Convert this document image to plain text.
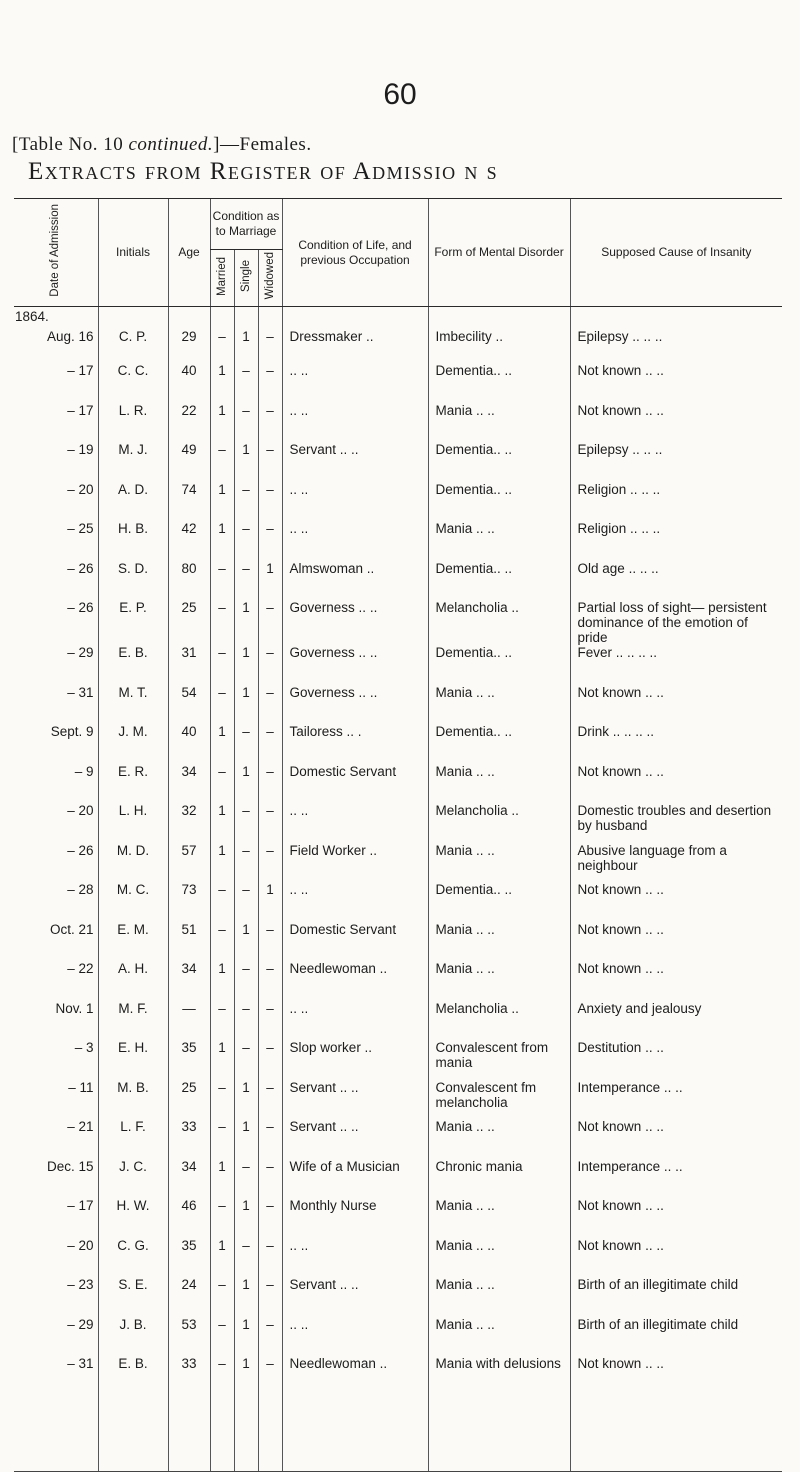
60
[Table No. 10 continued.]—Females.
Extracts from Register of Admissio n s
Date of Admission	Initials	Age	Condition as to Marriage			Condition of Life, and previous Occupation	Form of Mental Disorder	Supposed Cause of Insanity
			Married	Single	Widowed			

1864.
Aug. 16	C. P.	29	–	1	–	Dressmaker ..	Imbecility ..	Epilepsy .. .. ..
– 17	C. C.	40	1	–	–	.. ..	Dementia.. ..	Not known .. ..
– 17	L. R.	22	1	–	–	.. ..	Mania .. ..	Not known .. ..
– 19	M. J.	49	–	1	–	Servant .. ..	Dementia.. ..	Epilepsy .. .. ..
– 20	A. D.	74	1	–	–	.. ..	Dementia.. ..	Religion .. .. ..
– 25	H. B.	42	1	–	–	.. ..	Mania .. ..	Religion .. .. ..
– 26	S. D.	80	–	–	1	Almswoman ..	Dementia.. ..	Old age .. .. ..
– 26	E. P.	25	–	1	–	Governess .. ..	Melancholia ..	Partial loss of sight— persistent dominance of the emotion of pride
– 29	E. B.	31	–	1	–	Governess .. ..	Dementia.. ..	Fever .. .. .. ..
– 31	M. T.	54	–	1	–	Governess .. ..	Mania .. ..	Not known .. ..
Sept. 9	J. M.	40	1	–	–	Tailoress .. .	Dementia.. ..	Drink .. .. .. ..
– 9	E. R.	34	–	1	–	Domestic Servant	Mania .. ..	Not known .. ..
– 20	L. H.	32	1	–	–	.. ..	Melancholia ..	Domestic troubles and desertion by husband
– 26	M. D.	57	1	–	–	Field Worker ..	Mania .. ..	Abusive language from a neighbour
– 28	M. C.	73	–	–	1	.. ..	Dementia.. ..	Not known .. ..
Oct. 21	E. M.	51	–	1	–	Domestic Servant	Mania .. ..	Not known .. ..
– 22	A. H.	34	1	–	–	Needlewoman ..	Mania .. ..	Not known .. ..
Nov. 1	M. F.	—	–	–	–	.. ..	Melancholia ..	Anxiety and jealousy
– 3	E. H.	35	1	–	–	Slop worker ..	Convalescent from mania	Destitution .. ..
– 11	M. B.	25	–	1	–	Servant .. ..	Convalescent fm melancholia	Intemperance .. ..
– 21	L. F.	33	–	1	–	Servant .. ..	Mania .. ..	Not known .. ..
Dec. 15	J. C.	34	1	–	–	Wife of a Musician	Chronic mania	Intemperance .. ..
– 17	H. W.	46	–	1	–	Monthly Nurse	Mania .. ..	Not known .. ..
– 20	C. G.	35	1	–	–	.. ..	Mania .. ..	Not known .. ..
– 23	S. E.	24	–	1	–	Servant .. ..	Mania .. ..	Birth of an illegitimate child
– 29	J. B.	53	–	1	–	.. ..	Mania .. ..	Birth of an illegitimate child
– 31	E. B.	33	–	1	–	Needlewoman ..	Mania with delusions	Not known .. ..
